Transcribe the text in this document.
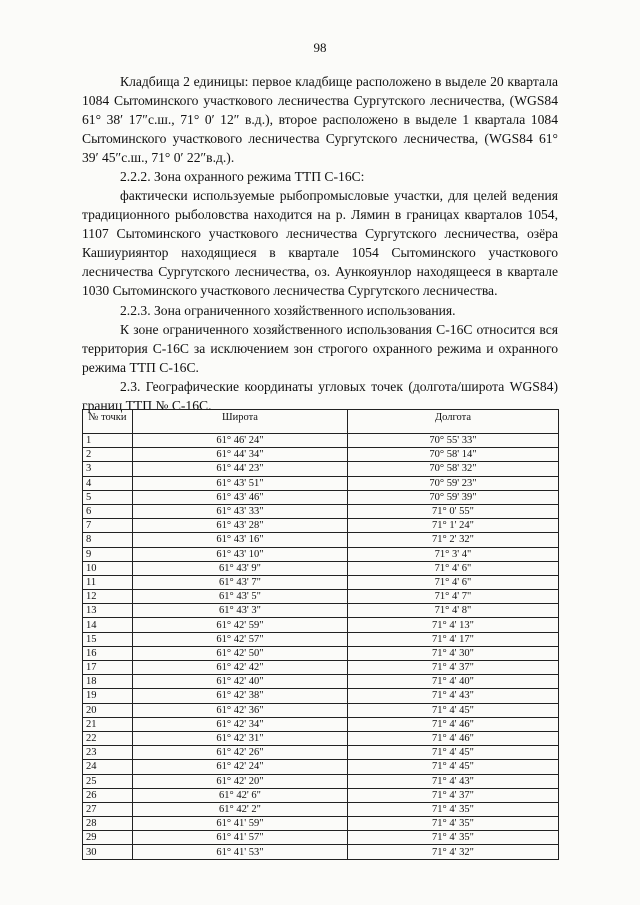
98

Кладбища 2 единицы: первое кладбище расположено в выделе 20 квартала 1084 Сытоминского участкового лесничества Сургутского лесничества, (WGS84 61° 38′ 17″с.ш., 71° 0′ 12″ в.д.), второе расположено в выделе 1 квартала 1084 Сытоминского участкового лесничества Сургутского лесничества, (WGS84 61° 39′ 45″с.ш., 71° 0′ 22″в.д.).

2.2.2. Зона охранного режима ТТП С-16С:

фактически используемые рыбопромысловые участки, для целей ведения традиционного рыболовства находится на р. Лямин в границах кварталов 1054, 1107 Сытоминского участкового лесничества Сургутского лесничества, озёра Кашиуриянтор находящиеся в квартале 1054 Сытоминского участкового лесничества Сургутского лесничества, оз. Аункояунлор находящееся в квартале 1030 Сытоминского участкового лесничества Сургутского лесничества.

2.2.3. Зона ограниченного хозяйственного использования.

К зоне ограниченного хозяйственного использования С-16С относится вся территория С-16С за исключением зон строгого охранного режима и охранного режима ТТП С-16С.

2.3. Географические координаты угловых точек (долгота/широта WGS84) границ ТТП № С-16С.

№ точки	Широта	Долгота
1	61° 46' 24"	70° 55' 33"
2	61° 44' 34"	70° 58' 14"
3	61° 44' 23"	70° 58' 32"
4	61° 43' 51"	70° 59' 23"
5	61° 43' 46"	70° 59' 39"
6	61° 43' 33"	71° 0' 55"
7	61° 43' 28"	71° 1' 24"
8	61° 43' 16"	71° 2' 32"
9	61° 43' 10"	71° 3' 4"
10	61° 43' 9"	71° 4' 6"
11	61° 43' 7"	71° 4' 6"
12	61° 43' 5"	71° 4' 7"
13	61° 43' 3"	71° 4' 8"
14	61° 42' 59"	71° 4' 13"
15	61° 42' 57"	71° 4' 17"
16	61° 42' 50"	71° 4' 30"
17	61° 42' 42"	71° 4' 37"
18	61° 42' 40"	71° 4' 40"
19	61° 42' 38"	71° 4' 43"
20	61° 42' 36"	71° 4' 45"
21	61° 42' 34"	71° 4' 46"
22	61° 42' 31"	71° 4' 46"
23	61° 42' 26"	71° 4' 45"
24	61° 42' 24"	71° 4' 45"
25	61° 42' 20"	71° 4' 43"
26	61° 42' 6"	71° 4' 37"
27	61° 42' 2"	71° 4' 35"
28	61° 41' 59"	71° 4' 35"
29	61° 41' 57"	71° 4' 35"
30	61° 41' 53"	71° 4' 32"
